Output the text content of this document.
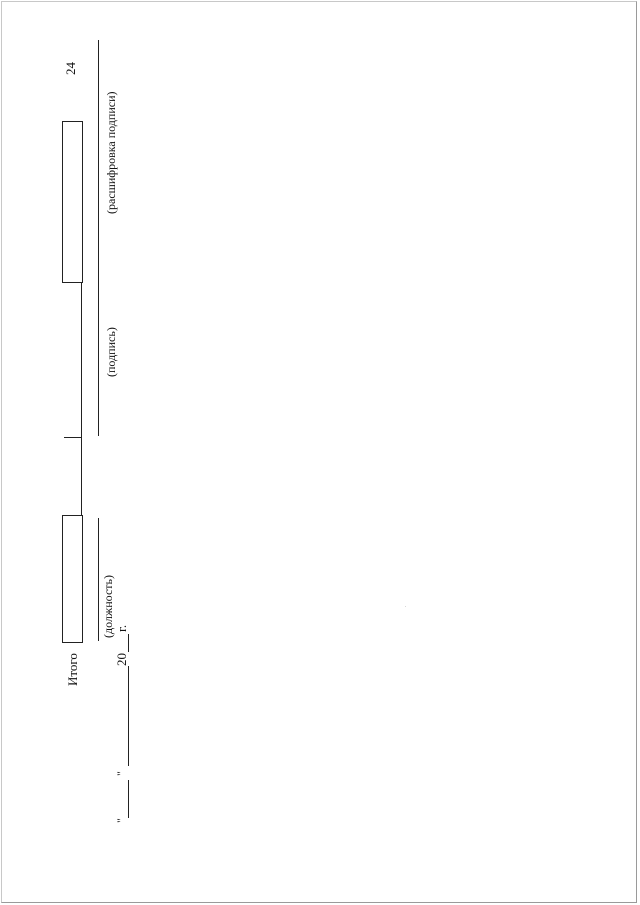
24
(расшифровка подписи)
(подпись)
(должность)
Итого
г.
20
"
"
